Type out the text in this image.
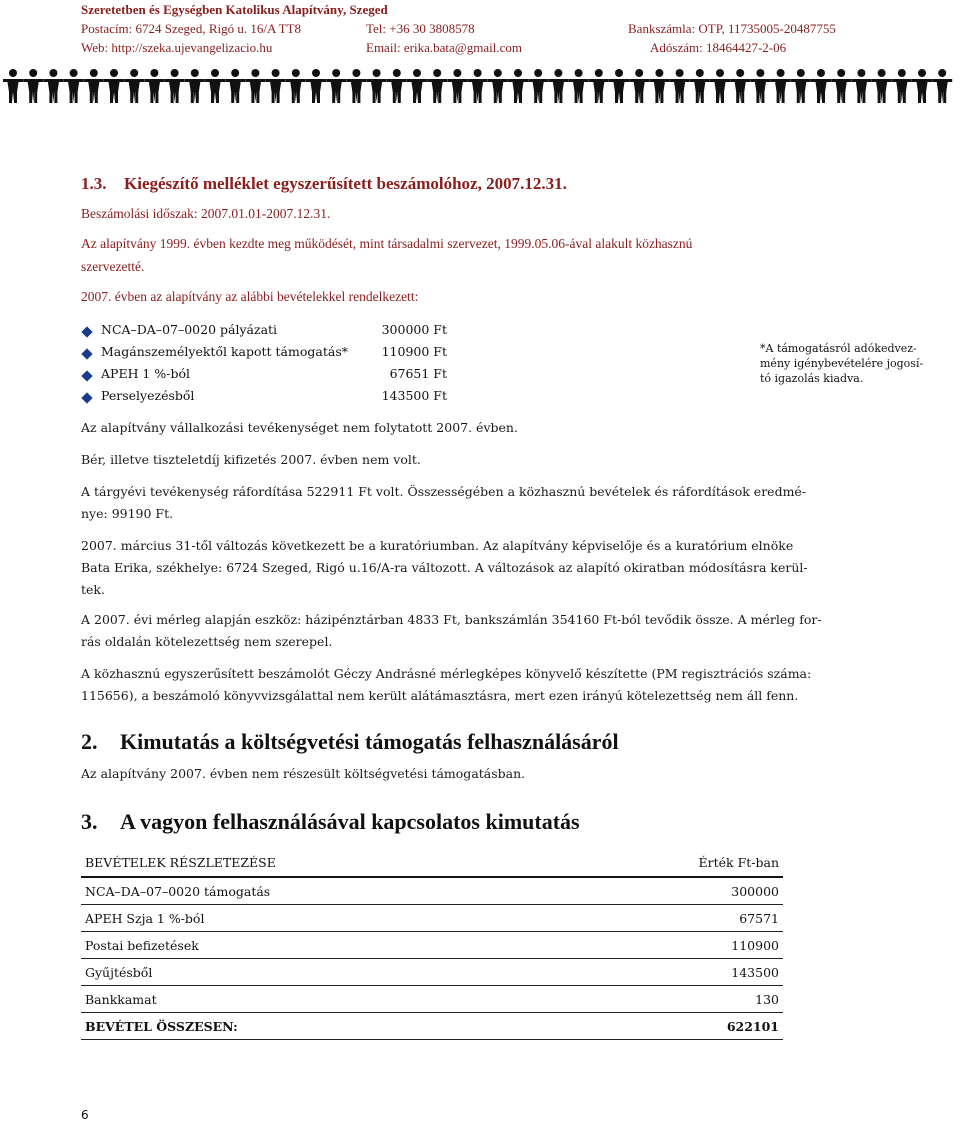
Szeretetben és Egységben Katolikus Alapítvány, Szeged
Postacím: 6724 Szeged, Rigó u. 16/A TT8	Tel: +36 30 3808578	Bankszámla: OTP, 11735005-20487755
Web: http://szeka.ujevangelizacio.hu	Email: erika.bata@gmail.com	Adószám: 18464427-2-06
1.3. Kiegészítő melléklet egyszerűsített beszámolóhoz, 2007.12.31.
Beszámolási időszak: 2007.01.01-2007.12.31.
Az alapítvány 1999. évben kezdte meg működését, mint társadalmi szervezet, 1999.05.06-ával alakult közhasznú
szervezetté.
2007. évben az alapítvány az alábbi bevételekkel rendelkezett:
NCA–DA–07–0020 pályázati	300000 Ft
Magánszemélyektől kapott támogatás*	110900 Ft
APEH 1 %-ból	67651 Ft
Perselyezésből	143500 Ft
*A támogatásról adókedvez-
mény igénybevételére jogosí-
tó igazolás kiadva.
Az alapítvány vállalkozási tevékenységet nem folytatott 2007. évben.
Bér, illetve tiszteletdíj kifizetés 2007. évben nem volt.
A tárgyévi tevékenység ráfordítása 522911 Ft volt. Összességében a közhasznú bevételek és ráfordítások eredmé-
nye: 99190 Ft.
2007. március 31-től változás következett be a kuratóriumban. Az alapítvány képviselője és a kuratórium elnöke
Bata Erika, székhelye: 6724 Szeged, Rigó u.16/A-ra változott. A változások az alapító okiratban módosításra kerül-
tek.
A 2007. évi mérleg alapján eszköz: házipénztárban 4833 Ft, bankszámlán 354160 Ft-ból tevődik össze. A mérleg for-
rás oldalán kötelezettség nem szerepel.
A közhasznú egyszerűsített beszámolót Géczy Andrásné mérlegképes könyvelő készítette (PM regisztrációs száma:
115656), a beszámoló könyvvizsgálattal nem került alátámasztásra, mert ezen irányú kötelezettség nem áll fenn.
2. Kimutatás a költségvetési támogatás felhasználásáról
Az alapítvány 2007. évben nem részesült költségvetési támogatásban.
3. A vagyon felhasználásával kapcsolatos kimutatás
BEVÉTELEK RÉSZLETEZÉSE	Érték Ft-ban
NCA–DA–07–0020 támogatás	300000
APEH Szja 1 %-ból	67571
Postai befizetések	110900
Gyűjtésből	143500
Bankkamat	130
BEVÉTEL ÖSSZESEN:	622101
6
